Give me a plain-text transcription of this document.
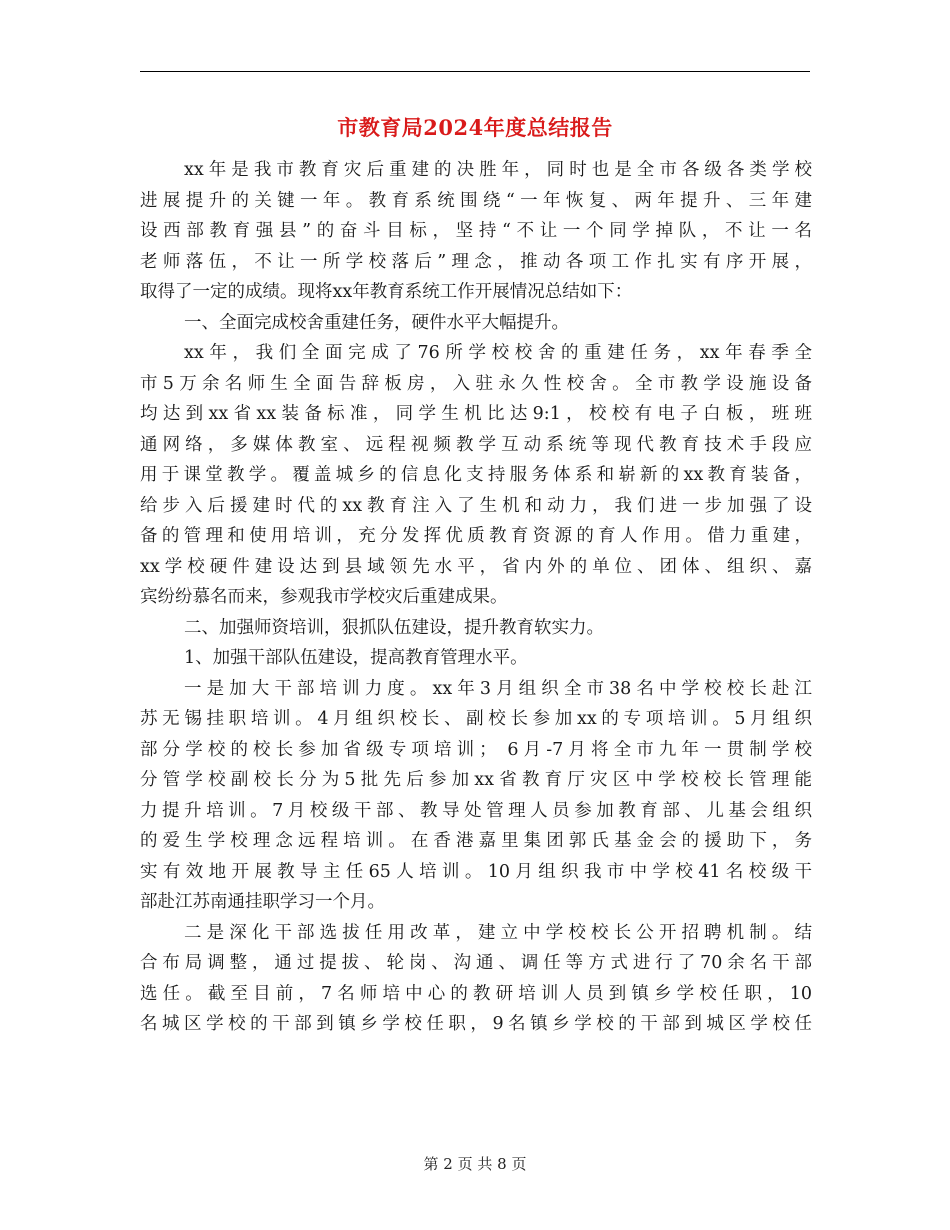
市教育局2024年度总结报告
xx年是我市教育灾后重建的决胜年，同时也是全市各级各类学校
进展提升的关键一年。教育系统围绕“一年恢复、两年提升、三年建
设西部教育强县”的奋斗目标，坚持“不让一个同学掉队，不让一名
老师落伍，不让一所学校落后”理念，推动各项工作扎实有序开展，
取得了一定的成绩。现将xx年教育系统工作开展情况总结如下：
一、全面完成校舍重建任务，硬件水平大幅提升。
xx年，我们全面完成了76所学校校舍的重建任务，xx年春季全
市5万余名师生全面告辞板房，入驻永久性校舍。全市教学设施设备
均达到xx省xx装备标准，同学生机比达9:1，校校有电子白板，班班
通网络，多媒体教室、远程视频教学互动系统等现代教育技术手段应
用于课堂教学。覆盖城乡的信息化支持服务体系和崭新的xx教育装备，
给步入后援建时代的xx教育注入了生机和动力，我们进一步加强了设
备的管理和使用培训，充分发挥优质教育资源的育人作用。借力重建，
xx学校硬件建设达到县域领先水平，省内外的单位、团体、组织、嘉
宾纷纷慕名而来，参观我市学校灾后重建成果。
二、加强师资培训，狠抓队伍建设，提升教育软实力。
1、加强干部队伍建设，提高教育管理水平。
一是加大干部培训力度。xx年3月组织全市38名中学校校长赴江
苏无锡挂职培训。4月组织校长、副校长参加xx的专项培训。5月组织
部分学校的校长参加省级专项培训； 6月-7月将全市九年一贯制学校
分管学校副校长分为5批先后参加xx省教育厅灾区中学校校长管理能
力提升培训。7月校级干部、教导处管理人员参加教育部、儿基会组织
的爱生学校理念远程培训。在香港嘉里集团郭氏基金会的援助下，务
实有效地开展教导主任65人培训。10月组织我市中学校41名校级干
部赴江苏南通挂职学习一个月。
二是深化干部选拔任用改革，建立中学校校长公开招聘机制。结
合布局调整，通过提拔、轮岗、沟通、调任等方式进行了70余名干部
选任。截至目前，7名师培中心的教研培训人员到镇乡学校任职，10
名城区学校的干部到镇乡学校任职，9名镇乡学校的干部到城区学校任
第 2 页 共 8 页
